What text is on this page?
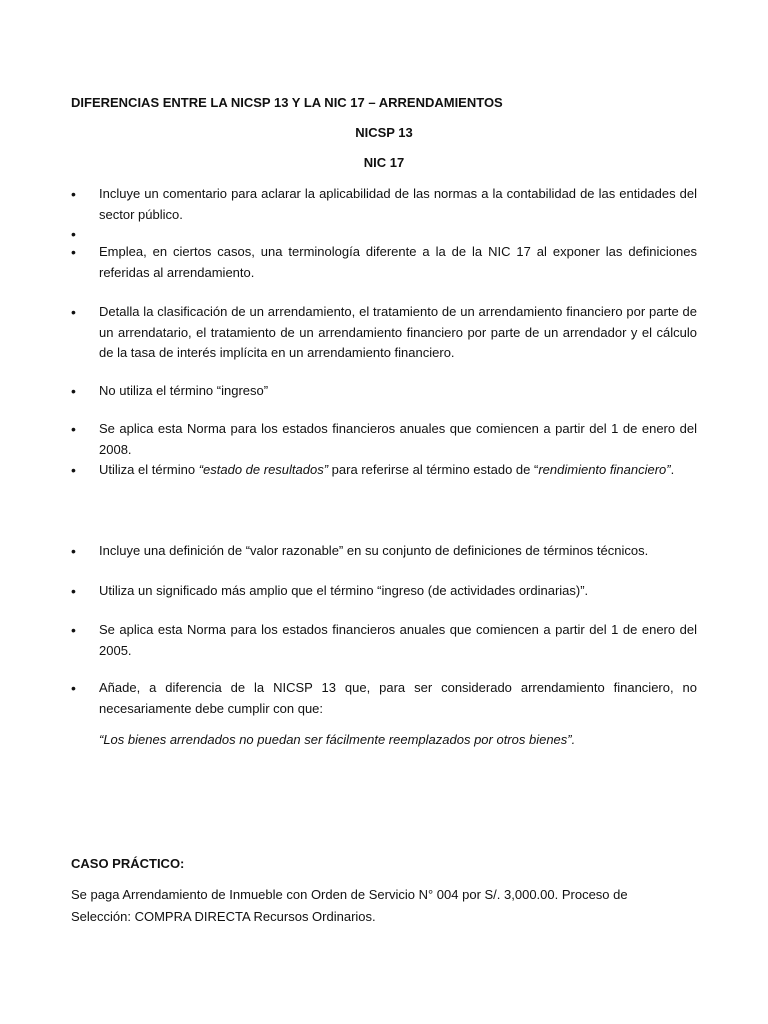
DIFERENCIAS ENTRE LA NICSP 13 Y LA NIC 17 – ARRENDAMIENTOS
NICSP 13
NIC 17
• Incluye un comentario para aclarar la aplicabilidad de las normas a la contabilidad de las entidades del sector público.
•
• Emplea, en ciertos casos, una terminología diferente a la de la NIC 17 al exponer las definiciones referidas al arrendamiento.
• Detalla la clasificación de un arrendamiento, el tratamiento de un arrendamiento financiero por parte de un arrendatario, el tratamiento de un arrendamiento financiero por parte de un arrendador y el cálculo de la tasa de interés implícita en un arrendamiento financiero.
• No utiliza el término “ingreso”
• Se aplica esta Norma para los estados financieros anuales que comiencen a partir del 1 de enero del 2008.
• Utiliza el término “estado de resultados” para referirse al término estado de “rendimiento financiero”.
• Incluye una definición de “valor razonable” en su conjunto de definiciones de términos técnicos.
• Utiliza un significado más amplio que el término “ingreso (de actividades ordinarias)”.
• Se aplica esta Norma para los estados financieros anuales que comiencen a partir del 1 de enero del 2005.
• Añade, a diferencia de la NICSP 13 que, para ser considerado arrendamiento financiero, no necesariamente debe cumplir con que:
“Los bienes arrendados no puedan ser fácilmente reemplazados por otros bienes”.
CASO PRÁCTICO:
Se paga Arrendamiento de Inmueble con Orden de Servicio N° 004 por S/. 3,000.00. Proceso de Selección: COMPRA DIRECTA Recursos Ordinarios.
